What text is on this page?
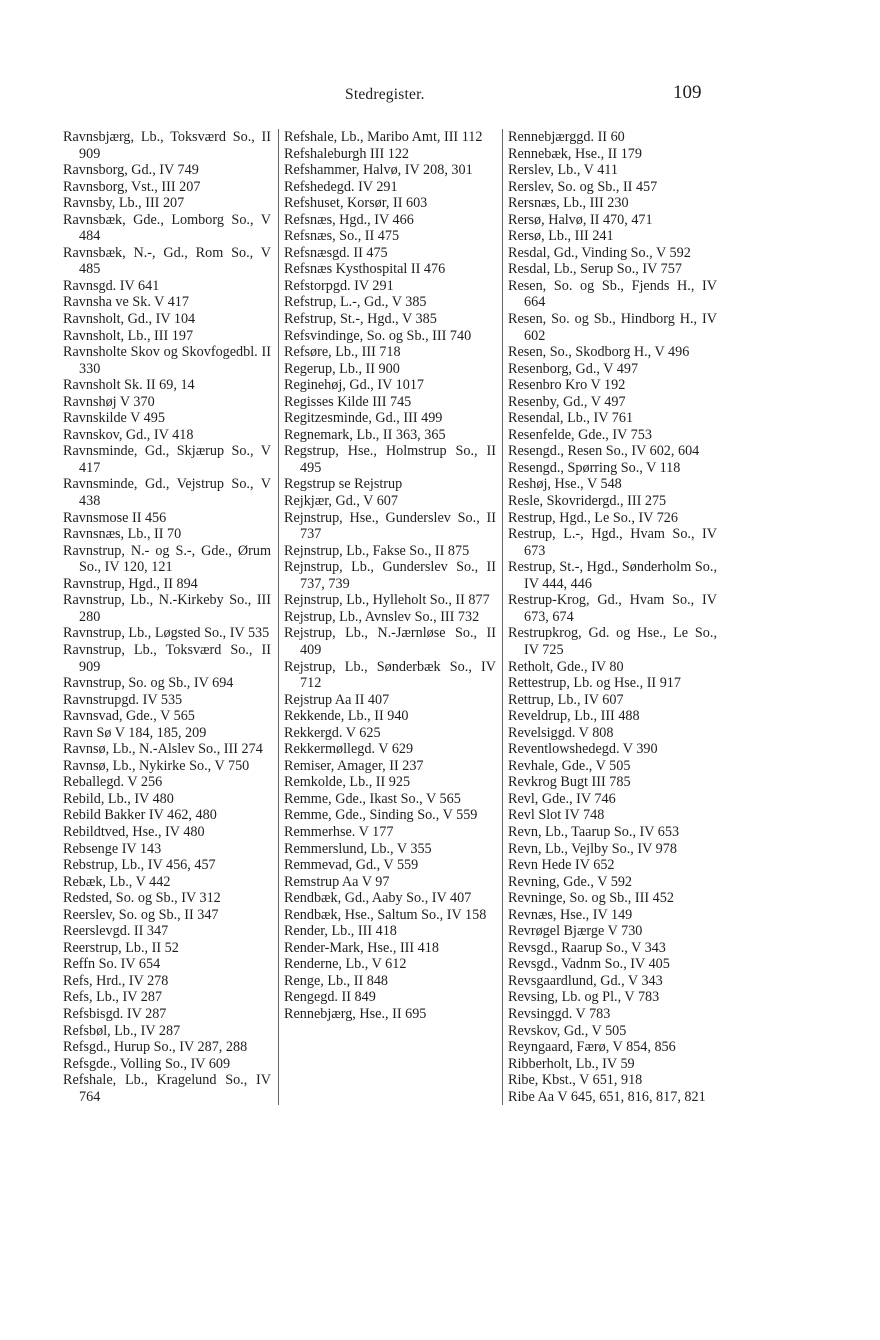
Stedregister.	109
Ravnsbjærg, Lb., Toksværd So., II 909
Ravnsborg, Gd., IV 749
Ravnsborg, Vst., III 207
Ravnsby, Lb., III 207
Ravnsbæk, Gde., Lomborg So., V 484
Ravnsbæk, N.-, Gd., Rom So., V 485
Ravnsgd. IV 641
Ravnsha ve Sk. V 417
Ravnsholt, Gd., IV 104
Ravnsholt, Lb., III 197
Ravnsholte Skov og Skovfogedbl. II 330
Ravnsholt Sk. II 69, 14
Ravnshøj V 370
Ravnskilde V 495
Ravnskov, Gd., IV 418
Ravnsminde, Gd., Skjærup So., V 417
Ravnsminde, Gd., Vejstrup So., V 438
Ravnsmose II 456
Ravnsnæs, Lb., II 70
Ravnstrup, N.- og S.-, Gde., Ørum So., IV 120, 121
Ravnstrup, Hgd., II 894
Ravnstrup, Lb., N.-Kirkeby So., III 280
Ravnstrup, Lb., Løgsted So., IV 535
Ravnstrup, Lb., Toksværd So., II 909
Ravnstrup, So. og Sb., IV 694
Ravnstrupgd. IV 535
Ravnsvad, Gde., V 565
Ravn Sø V 184, 185, 209
Ravnsø, Lb., N.-Alslev So., III 274
Ravnsø, Lb., Nykirke So., V 750
Reballegd. V 256
Rebild, Lb., IV 480
Rebild Bakker IV 462, 480
Rebildtved, Hse., IV 480
Rebsenge IV 143
Rebstrup, Lb., IV 456, 457
Rebæk, Lb., V 442
Redsted, So. og Sb., IV 312
Reerslev, So. og Sb., II 347
Reerslevgd. II 347
Reerstrup, Lb., II 52
Reffn So. IV 654
Refs, Hrd., IV 278
Refs, Lb., IV 287
Refsbisgd. IV 287
Refsbøl, Lb., IV 287
Refsgd., Hurup So., IV 287, 288
Refsgde., Volling So., IV 609
Refshale, Lb., Kragelund So., IV 764
Refshale, Lb., Maribo Amt, III 112
Refshaleburgh III 122
Refshammer, Halvø, IV 208, 301
Refshedegd. IV 291
Refshuset, Korsør, II 603
Refsnæs, Hgd., IV 466
Refsnæs, So., II 475
Refsnæsgd. II 475
Refsnæs Kysthospital II 476
Refstorpgd. IV 291
Refstrup, L.-, Gd., V 385
Refstrup, St.-, Hgd., V 385
Refsvindinge, So. og Sb., III 740
Refsøre, Lb., III 718
Regerup, Lb., II 900
Reginehøj, Gd., IV 1017
Regisses Kilde III 745
Regitzesminde, Gd., III 499
Regnemark, Lb., II 363, 365
Regstrup, Hse., Holmstrup So., II 495
Regstrup se Rejstrup
Rejkjær, Gd., V 607
Rejnstrup, Hse., Gunderslev So., II 737
Rejnstrup, Lb., Fakse So., II 875
Rejnstrup, Lb., Gunderslev So., II 737, 739
Rejnstrup, Lb., Hylleholt So., II 877
Rejstrup, Lb., Avnslev So., III 732
Rejstrup, Lb., N.-Jærnløse So., II 409
Rejstrup, Lb., Sønderbæk So., IV 712
Rejstrup Aa II 407
Rekkende, Lb., II 940
Rekkergd. V 625
Rekkermøllegd. V 629
Remiser, Amager, II 237
Remkolde, Lb., II 925
Remme, Gde., Ikast So., V 565
Remme, Gde., Sinding So., V 559
Remmerhse. V 177
Remmerslund, Lb., V 355
Remmevad, Gd., V 559
Remstrup Aa V 97
Rendbæk, Gd., Aaby So., IV 407
Rendbæk, Hse., Saltum So., IV 158
Render, Lb., III 418
Render-Mark, Hse., III 418
Renderne, Lb., V 612
Renge, Lb., II 848
Rengegd. II 849
Rennebjærg, Hse., II 695
Rennebjærggd. II 60
Rennebæk, Hse., II 179
Rerslev, Lb., V 411
Rerslev, So. og Sb., II 457
Rersnæs, Lb., III 230
Rersø, Halvø, II 470, 471
Rersø, Lb., III 241
Resdal, Gd., Vinding So., V 592
Resdal, Lb., Serup So., IV 757
Resen, So. og Sb., Fjends H., IV 664
Resen, So. og Sb., Hindborg H., IV 602
Resen, So., Skodborg H., V 496
Resenborg, Gd., V 497
Resenbro Kro V 192
Resenby, Gd., V 497
Resendal, Lb., IV 761
Resenfelde, Gde., IV 753
Resengd., Resen So., IV 602, 604
Resengd., Spørring So., V 118
Reshøj, Hse., V 548
Resle, Skovridergd., III 275
Restrup, Hgd., Le So., IV 726
Restrup, L.-, Hgd., Hvam So., IV 673
Restrup, St.-, Hgd., Sønderholm So., IV 444, 446
Restrup-Krog, Gd., Hvam So., IV 673, 674
Restrupkrog, Gd. og Hse., Le So., IV 725
Retholt, Gde., IV 80
Rettestrup, Lb. og Hse., II 917
Rettrup, Lb., IV 607
Reveldrup, Lb., III 488
Revelsiggd. V 808
Reventlowshedegd. V 390
Revhale, Gde., V 505
Revkrog Bugt III 785
Revl, Gde., IV 746
Revl Slot IV 748
Revn, Lb., Taarup So., IV 653
Revn, Lb., Vejlby So., IV 978
Revn Hede IV 652
Revning, Gde., V 592
Revninge, So. og Sb., III 452
Revnæs, Hse., IV 149
Revrøgel Bjærge V 730
Revsgd., Raarup So., V 343
Revsgd., Vadnm So., IV 405
Revsgaardlund, Gd., V 343
Revsing, Lb. og Pl., V 783
Revsinggd. V 783
Revskov, Gd., V 505
Reyngaard, Færø, V 854, 856
Ribberholt, Lb., IV 59
Ribe, Kbst., V 651, 918
Ribe Aa V 645, 651, 816, 817, 821
